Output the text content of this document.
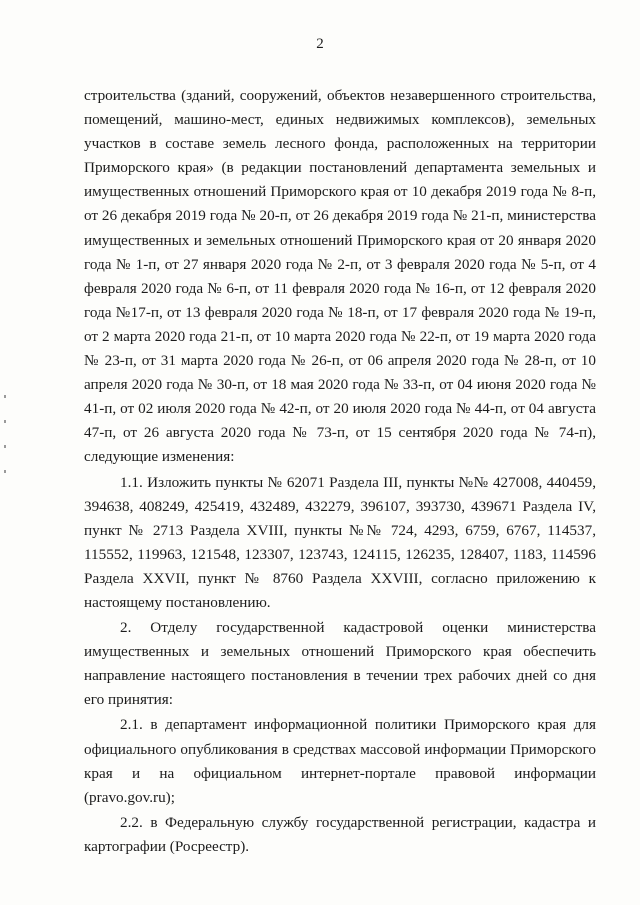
2

строительства (зданий, сооружений, объектов незавершенного строительства, помещений, машино-мест, единых недвижимых комплексов), земельных участков в составе земель лесного фонда, расположенных на территории Приморского края» (в редакции постановлений департамента земельных и имущественных отношений Приморского края от 10 декабря 2019 года № 8-п, от 26 декабря 2019 года № 20-п, от 26 декабря 2019 года № 21-п, министерства имущественных и земельных отношений Приморского края от 20 января 2020 года № 1-п, от 27 января 2020 года № 2-п, от 3 февраля 2020 года № 5-п, от 4 февраля 2020 года № 6-п, от 11 февраля 2020 года № 16-п, от 12 февраля 2020 года №17-п, от 13 февраля 2020 года № 18-п, от 17 февраля 2020 года № 19-п, от 2 марта 2020 года 21-п, от 10 марта 2020 года № 22-п, от 19 марта 2020 года № 23-п, от 31 марта 2020 года № 26-п, от 06 апреля 2020 года № 28-п, от 10 апреля 2020 года № 30-п, от 18 мая 2020 года № 33-п, от 04 июня 2020 года № 41-п, от 02 июля 2020 года № 42-п, от 20 июля 2020 года № 44-п, от 04 августа 47-п, от 26 августа 2020 года № 73-п, от 15 сентября 2020 года № 74-п), следующие изменения:

1.1. Изложить пункты № 62071 Раздела III, пункты №№ 427008, 440459, 394638, 408249, 425419, 432489, 432279, 396107, 393730, 439671 Раздела IV, пункт № 2713 Раздела XVIII, пункты №№ 724, 4293, 6759, 6767, 114537, 115552, 119963, 121548, 123307, 123743, 124115, 126235, 128407, 1183, 114596 Раздела XXVII, пункт № 8760 Раздела XXVIII, согласно приложению к настоящему постановлению.

2. Отделу государственной кадастровой оценки министерства имущественных и земельных отношений Приморского края обеспечить направление настоящего постановления в течении трех рабочих дней со дня его принятия:

2.1. в департамент информационной политики Приморского края для официального опубликования в средствах массовой информации Приморского края и на официальном интернет-портале правовой информации (pravo.gov.ru);

2.2. в Федеральную службу государственной регистрации, кадастра и картографии (Росреестр).
